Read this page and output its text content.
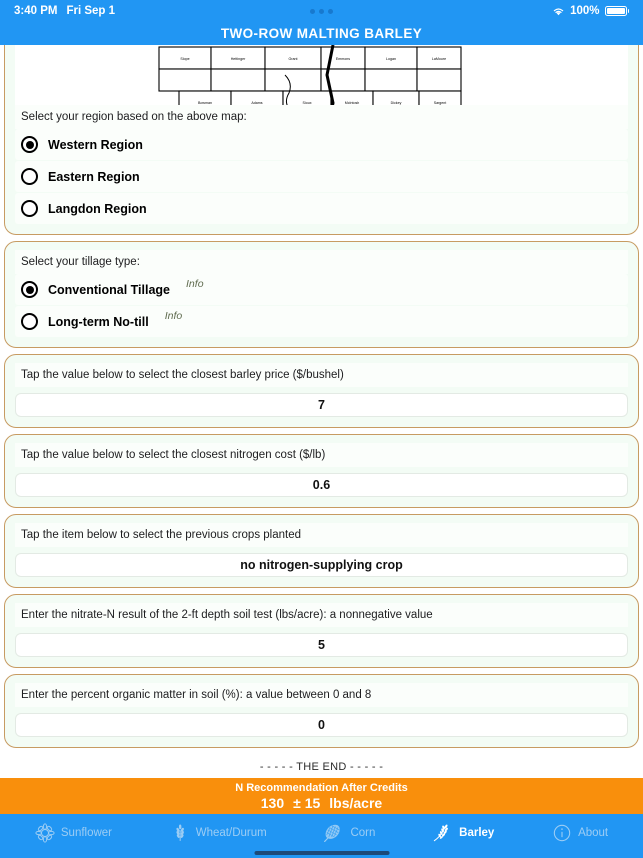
3:40 PM Fri Sep 1	100%
TWO-ROW MALTING BARLEY
Slope	Hettinger	Grant	Emmons	Logan	LaMoure
Bowman	Adams	Sioux	McIntosh	Dickey	Sargent
Select your region based on the above map:
Western Region
Eastern Region
Langdon Region
Select your tillage type:
Conventional Tillage	Info
Long-term No-till	Info
Tap the value below to select the closest barley price ($/bushel)
7
Tap the value below to select the closest nitrogen cost ($/lb)
0.6
Tap the item below to select the previous crops planted
no nitrogen-supplying crop
Enter the nitrate-N result of the 2-ft depth soil test (lbs/acre): a nonnegative value
5
Enter the percent organic matter in soil (%): a value between 0 and 8
0
- - - - - THE END - - - - -
N Recommendation After Credits
130 ± 15 lbs/acre
Sunflower	Wheat/Durum	Corn	Barley	About
